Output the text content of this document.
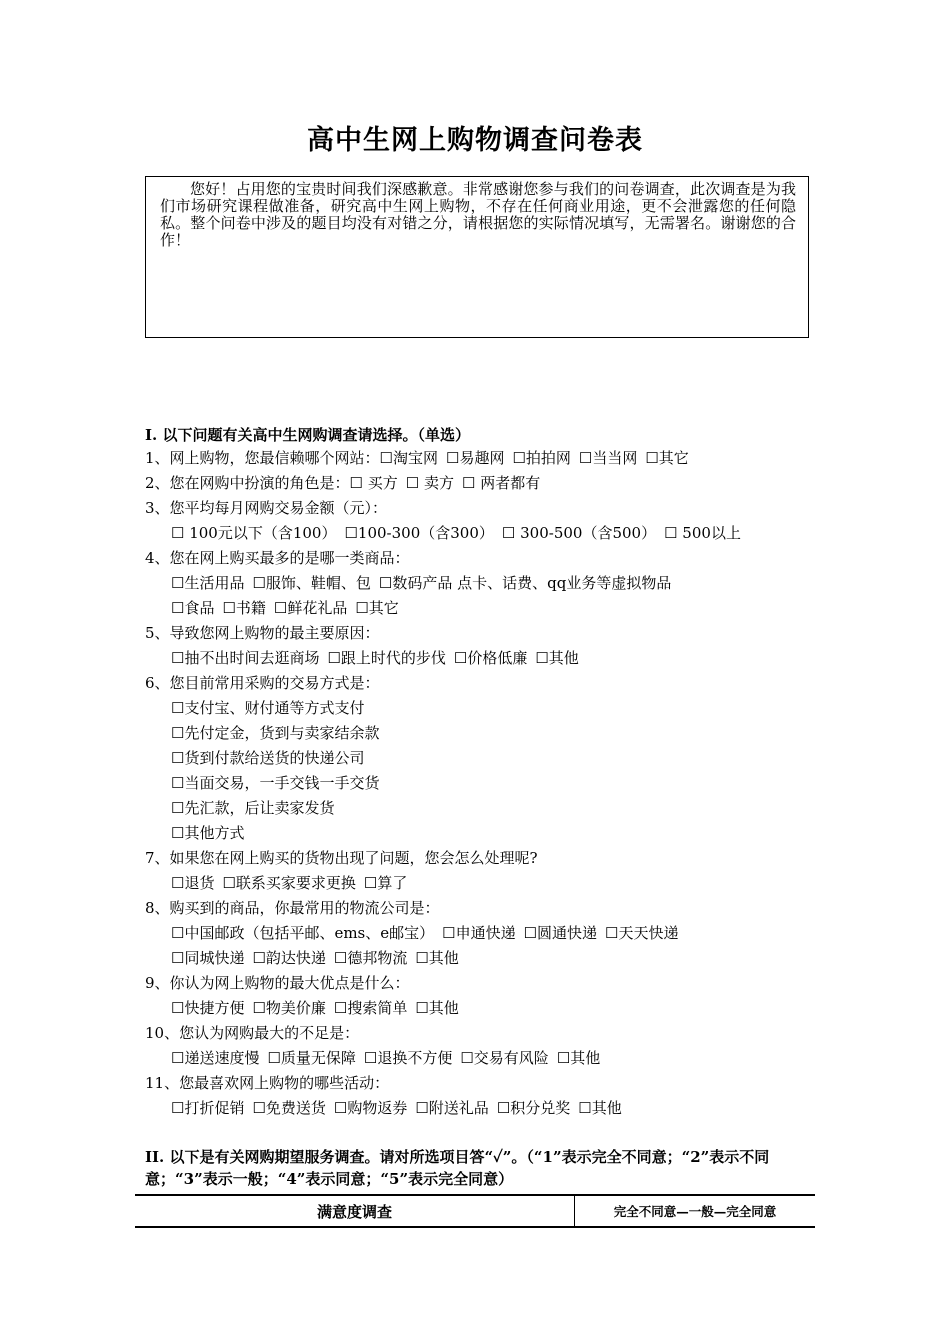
高中生网上购物调查问卷表

您好！占用您的宝贵时间我们深感歉意。非常感谢您参与我们的问卷调查，此次调查是为我们市场研究课程做准备，研究高中生网上购物，不存在任何商业用途，更不会泄露您的任何隐私。整个问卷中涉及的题目均没有对错之分，请根据您的实际情况填写，无需署名。谢谢您的合作！

I. 以下问题有关高中生网购调查请选择。（单选）
1、网上购物，您最信赖哪个网站：☐淘宝网 ☐易趣网 ☐拍拍网 ☐当当网 ☐其它
2、您在网购中扮演的角色是：☐ 买方 ☐ 卖方 ☐ 两者都有
3、您平均每月网购交易金额（元）：
☐ 100元以下（含100） ☐100-300（含300） ☐ 300-500（含500） ☐ 500以上
4、您在网上购买最多的是哪一类商品：
☐生活用品 ☐服饰、鞋帽、包 ☐数码产品 点卡、话费、qq业务等虚拟物品
☐食品 ☐书籍 ☐鲜花礼品 ☐其它
5、导致您网上购物的最主要原因：
☐抽不出时间去逛商场 ☐跟上时代的步伐 ☐价格低廉 ☐其他
6、您目前常用采购的交易方式是：
☐支付宝、财付通等方式支付
☐先付定金，货到与卖家结余款
☐货到付款给送货的快递公司
☐当面交易，一手交钱一手交货
☐先汇款，后让卖家发货
☐其他方式
7、如果您在网上购买的货物出现了问题，您会怎么处理呢?
☐退货 ☐联系买家要求更换 ☐算了
8、购买到的商品，你最常用的物流公司是：
☐中国邮政（包括平邮、ems、e邮宝） ☐申通快递 ☐圆通快递 ☐天天快递
☐同城快递 ☐韵达快递 ☐德邦物流 ☐其他
9、你认为网上购物的最大优点是什么：
☐快捷方便 ☐物美价廉 ☐搜索简单 ☐其他
10、您认为网购最大的不足是：
☐递送速度慢 ☐质量无保障 ☐退换不方便 ☐交易有风险 ☐其他
11、您最喜欢网上购物的哪些活动：
☐打折促销 ☐免费送货 ☐购物返券 ☐附送礼品 ☐积分兑奖 ☐其他
II. 以下是有关网购期望服务调查。请对所选项目答“✓”。（“1”表示完全不同意；“2”表示不同意；“3”表示一般；“4”表示同意；“5”表示完全同意）
满意度调查	完全不同意—一般—完全同意
